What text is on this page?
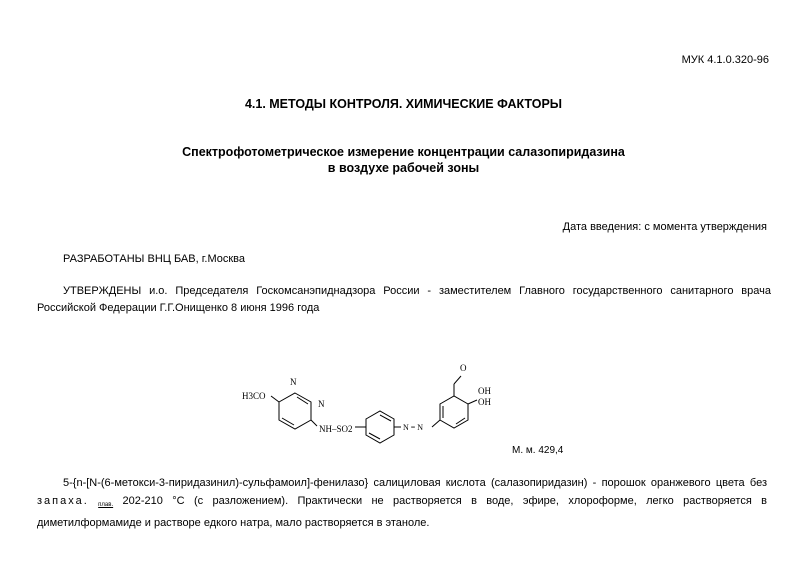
МУК 4.1.0.320-96
4.1. МЕТОДЫ КОНТРОЛЯ. ХИМИЧЕСКИЕ ФАКТОРЫ
Спектрофотометрическое измерение концентрации салазопиридазина
в воздухе рабочей зоны
Дата введения: с момента утверждения
РАЗРАБОТАНЫ ВНЦ БАВ, г.Москва
УТВЕРЖДЕНЫ и.о. Председателя Госкомсанэпиднадзора России - заместителем Главного государственного санитарного врача Российской Федерации Г.Г.Онищенко 8 июня 1996 года
H3CO
N
N
NH–SO2	N = N
O
OH
OH
М. м. 429,4
5-{n-[N-(6-метокси-3-пиридазинил)-сульфамоил]-фенилазо} салициловая кислота (салазопиридазин) - порошок оранжевого цвета без запаха. $_{плав.}$ 202-210 °С (с разложением). Практически не растворяется в воде, эфире, хлороформе, легко растворяется в диметилформамиде и растворе едкого натра, мало растворяется в этаноле.
